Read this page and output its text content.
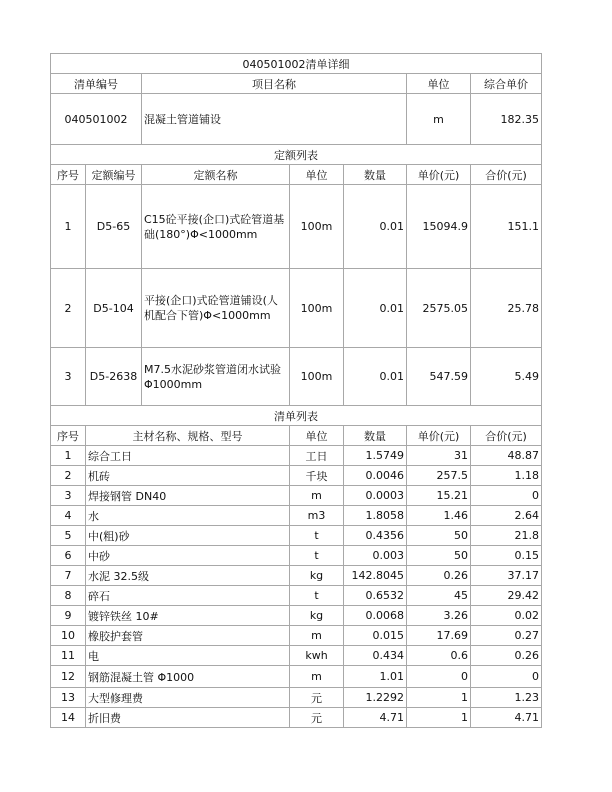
040501002清单详细						
清单编号		项目名称			单位	综合单价
040501002		混凝土管道铺设			m	182.35
定额列表						
序号	定额编号	定额名称	单位	数量	单价(元)	合价(元)
1	D5-65	C15砼平接(企口)式砼管道基础(180°)Φ<1000mm	100m	0.01	15094.9	151.1
2	D5-104	平接(企口)式砼管道铺设(人机配合下管)Φ<1000mm	100m	0.01	2575.05	25.78
3	D5-2638	M7.5水泥砂浆管道闭水试验Φ1000mm	100m	0.01	547.59	5.49
清单列表						
序号	主材名称、规格、型号		单位	数量	单价(元)	合价(元)
1	综合工日		工日	1.5749	31	48.87
2	机砖		千块	0.0046	257.5	1.18
3	焊接钢管 DN40		m	0.0003	15.21	0
4	水		m3	1.8058	1.46	2.64
5	中(粗)砂		t	0.4356	50	21.8
6	中砂		t	0.003	50	0.15
7	水泥 32.5级		kg	142.8045	0.26	37.17
8	碎石		t	0.6532	45	29.42
9	镀锌铁丝 10#		kg	0.0068	3.26	0.02
10	橡胶护套管		m	0.015	17.69	0.27
11	电		kwh	0.434	0.6	0.26
12	钢筋混凝土管 Φ1000		m	1.01	0	0
13	大型修理费		元	1.2292	1	1.23
14	折旧费		元	4.71	1	4.71
